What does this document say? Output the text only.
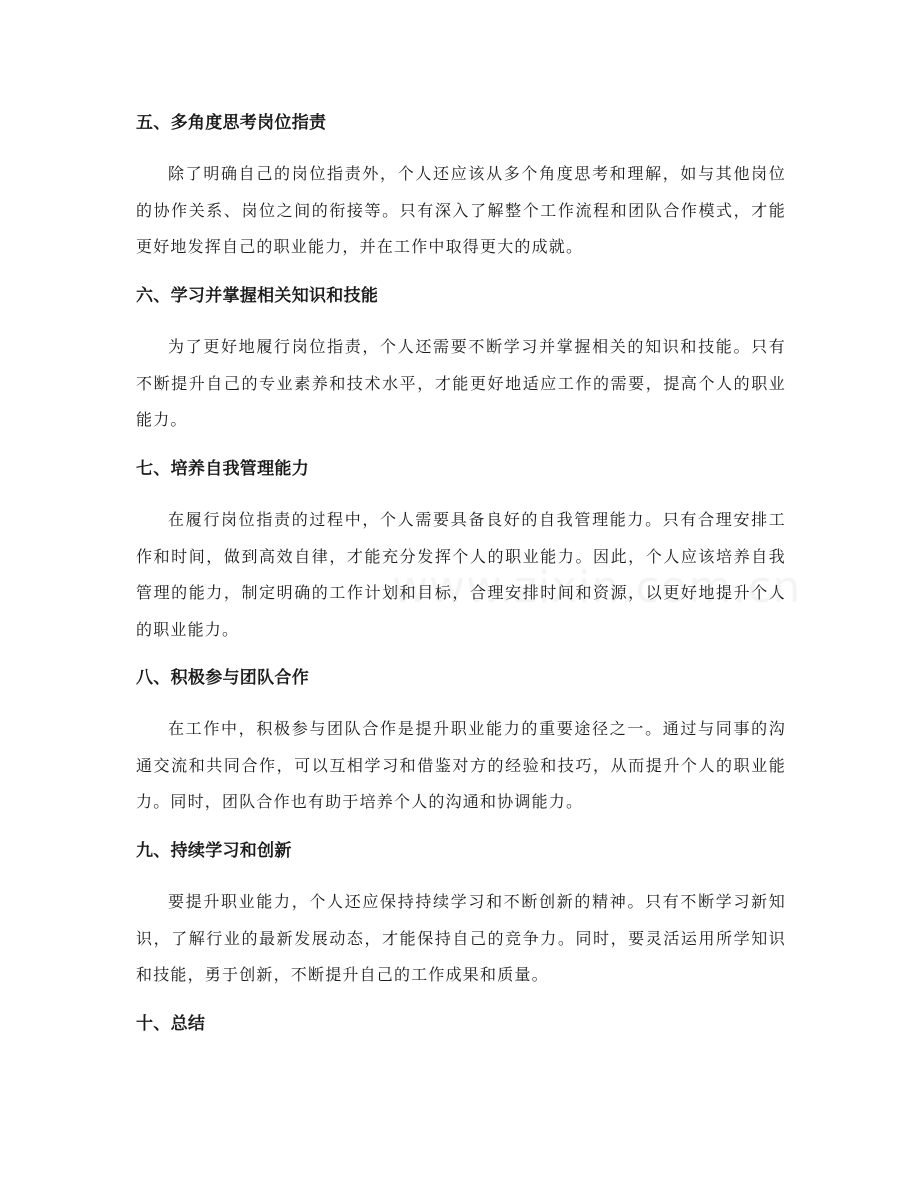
五、多角度思考岗位指责

除了明确自己的岗位指责外，个人还应该从多个角度思考和理解，如与其他岗位的协作关系、岗位之间的衔接等。只有深入了解整个工作流程和团队合作模式，才能更好地发挥自己的职业能力，并在工作中取得更大的成就。

六、学习并掌握相关知识和技能

为了更好地履行岗位指责，个人还需要不断学习并掌握相关的知识和技能。只有不断提升自己的专业素养和技术水平，才能更好地适应工作的需要，提高个人的职业能力。

七、培养自我管理能力

在履行岗位指责的过程中，个人需要具备良好的自我管理能力。只有合理安排工作和时间，做到高效自律，才能充分发挥个人的职业能力。因此，个人应该培养自我管理的能力，制定明确的工作计划和目标，合理安排时间和资源，以更好地提升个人的职业能力。

八、积极参与团队合作

在工作中，积极参与团队合作是提升职业能力的重要途径之一。通过与同事的沟通交流和共同合作，可以互相学习和借鉴对方的经验和技巧，从而提升个人的职业能力。同时，团队合作也有助于培养个人的沟通和协调能力。

九、持续学习和创新

要提升职业能力，个人还应保持持续学习和不断创新的精神。只有不断学习新知识，了解行业的最新发展动态，才能保持自己的竞争力。同时，要灵活运用所学知识和技能，勇于创新，不断提升自己的工作成果和质量。

十、总结
